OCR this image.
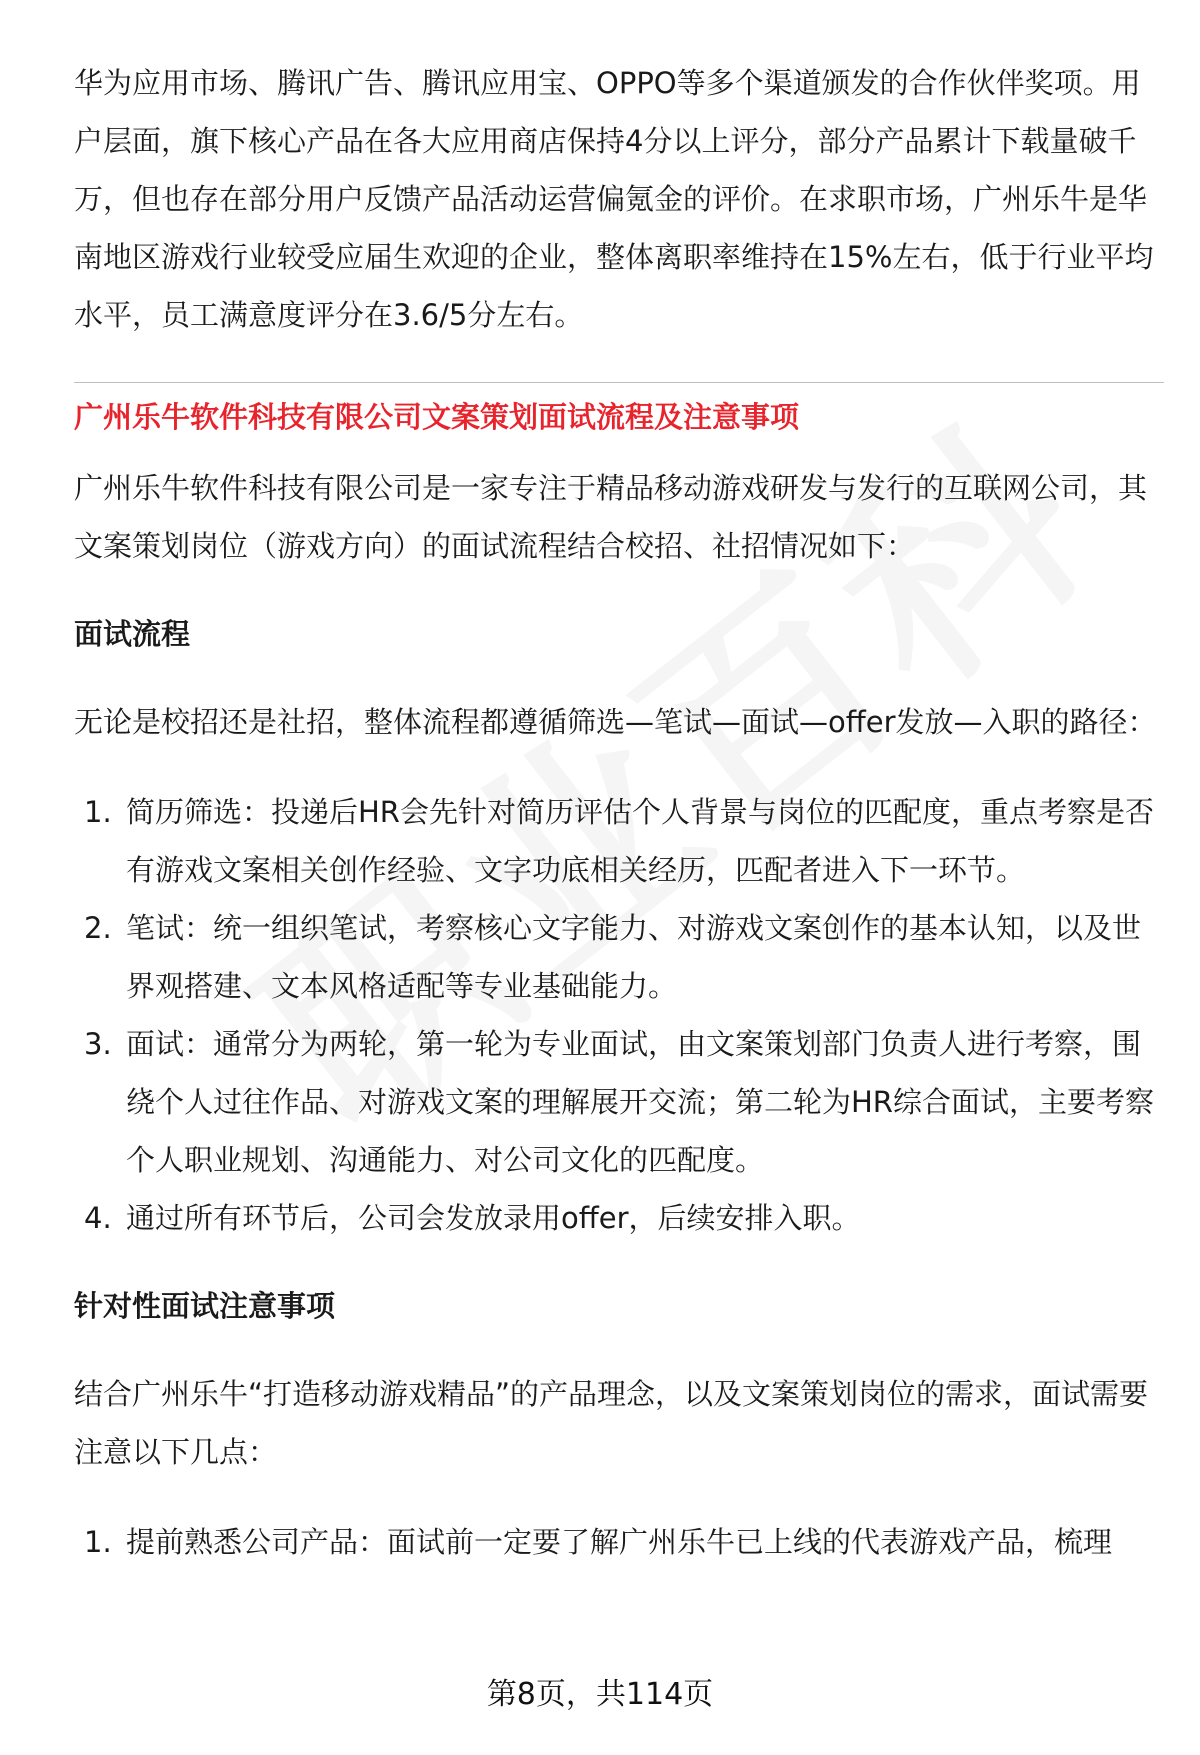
华为应用市场、腾讯广告、腾讯应用宝、OPPO等多个渠道颁发的合作伙伴奖项。用户层面，旗下核心产品在各大应用商店保持4分以上评分，部分产品累计下载量破千万，但也存在部分用户反馈产品活动运营偏氪金的评价。在求职市场，广州乐牛是华南地区游戏行业较受应届生欢迎的企业，整体离职率维持在15%左右，低于行业平均水平，员工满意度评分在3.6/5分左右。

广州乐牛软件科技有限公司文案策划面试流程及注意事项

广州乐牛软件科技有限公司是一家专注于精品移动游戏研发与发行的互联网公司，其文案策划岗位（游戏方向）的面试流程结合校招、社招情况如下：

面试流程

无论是校招还是社招，整体流程都遵循筛选—笔试—面试—offer发放—入职的路径：

1. 简历筛选：投递后HR会先针对简历评估个人背景与岗位的匹配度，重点考察是否有游戏文案相关创作经验、文字功底相关经历，匹配者进入下一环节。
2. 笔试：统一组织笔试，考察核心文字能力、对游戏文案创作的基本认知，以及世界观搭建、文本风格适配等专业基础能力。
3. 面试：通常分为两轮，第一轮为专业面试，由文案策划部门负责人进行考察，围绕个人过往作品、对游戏文案的理解展开交流；第二轮为HR综合面试，主要考察个人职业规划、沟通能力、对公司文化的匹配度。
4. 通过所有环节后，公司会发放录用offer，后续安排入职。
针对性面试注意事项

结合广州乐牛“打造移动游戏精品”的产品理念，以及文案策划岗位的需求，面试需要注意以下几点：

1. 提前熟悉公司产品：面试前一定要了解广州乐牛已上线的代表游戏产品，梳理
第8页，共114页
